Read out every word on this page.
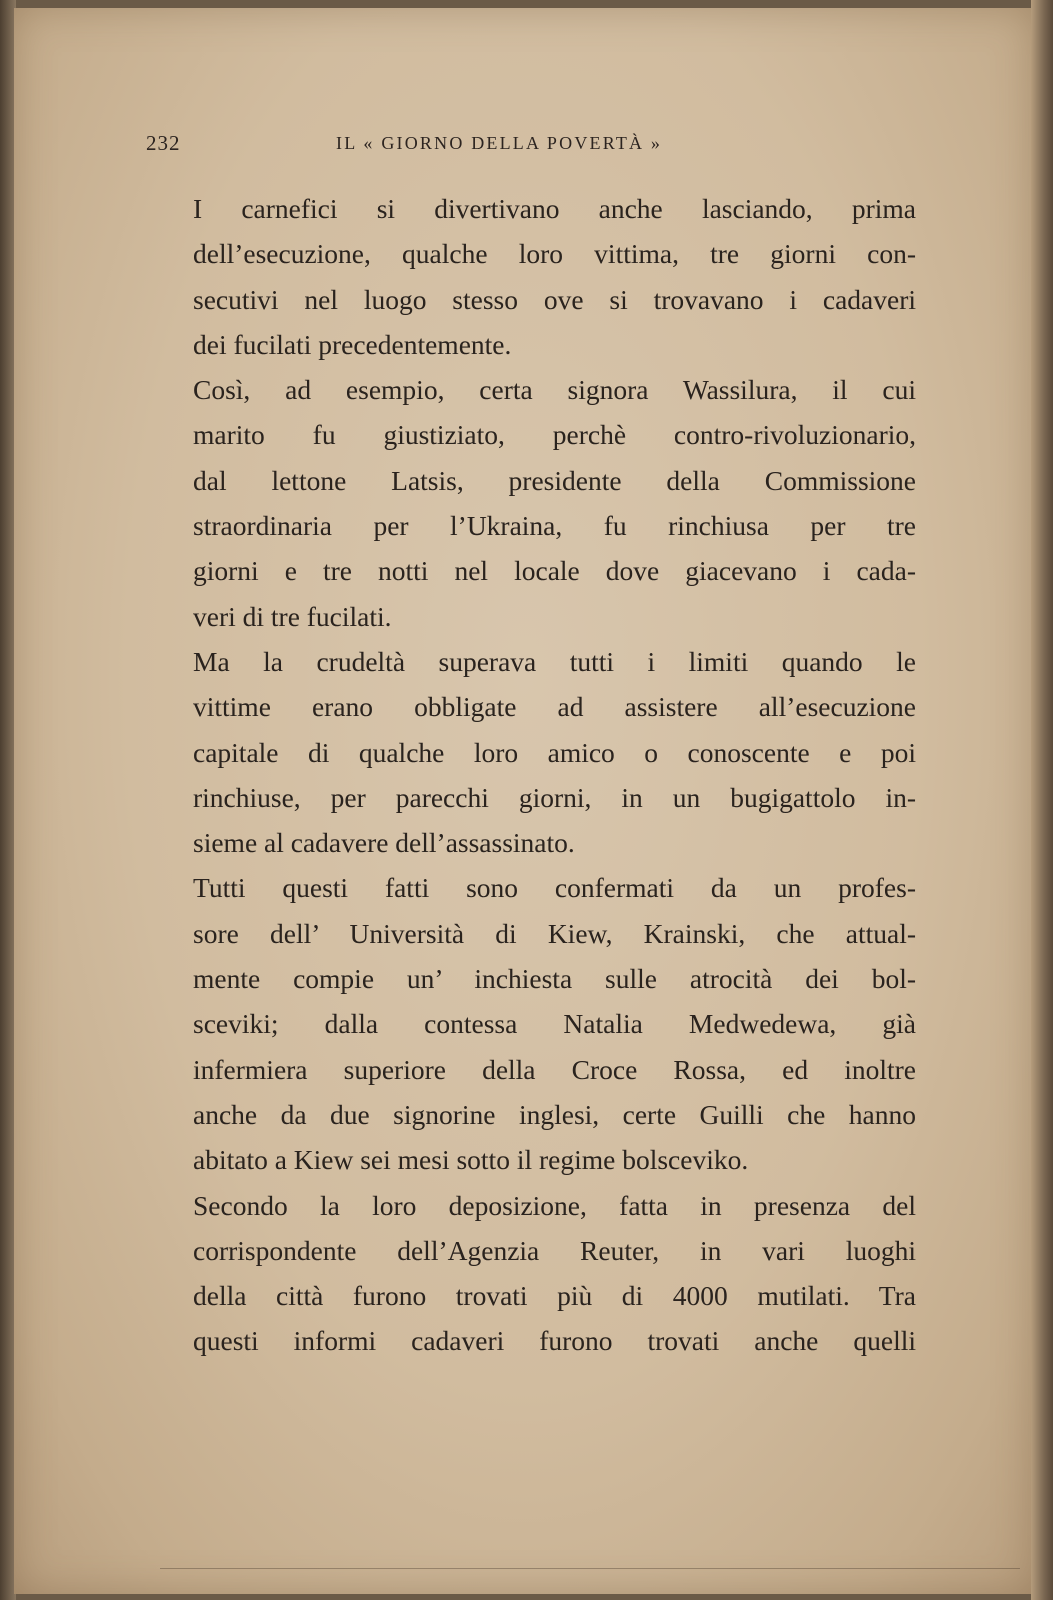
232	IL « GIORNO DELLA POVERTÀ »

I carnefici si divertivano anche lasciando, prima
dell’esecuzione, qualche loro vittima, tre giorni con-
secutivi nel luogo stesso ove si trovavano i cadaveri
dei fucilati precedentemente.

Così, ad esempio, certa signora Wassilura, il cui
marito fu giustiziato, perchè contro-rivoluzionario,
dal lettone Latsis, presidente della Commissione
straordinaria per l’Ukraina, fu rinchiusa per tre
giorni e tre notti nel locale dove giacevano i cada-
veri di tre fucilati.

Ma la crudeltà superava tutti i limiti quando le
vittime erano obbligate ad assistere all’esecuzione
capitale di qualche loro amico o conoscente e poi
rinchiuse, per parecchi giorni, in un bugigattolo in-
sieme al cadavere dell’assassinato.

Tutti questi fatti sono confermati da un profes-
sore dell’ Università di Kiew, Krainski, che attual-
mente compie un’ inchiesta sulle atrocità dei bol-
sceviki; dalla contessa Natalia Medwedewa, già
infermiera superiore della Croce Rossa, ed inoltre
anche da due signorine inglesi, certe Guilli che hanno
abitato a Kiew sei mesi sotto il regime bolsceviko.

Secondo la loro deposizione, fatta in presenza del
corrispondente dell’Agenzia Reuter, in vari luoghi
della città furono trovati più di 4000 mutilati. Tra
questi informi cadaveri furono trovati anche quelli
